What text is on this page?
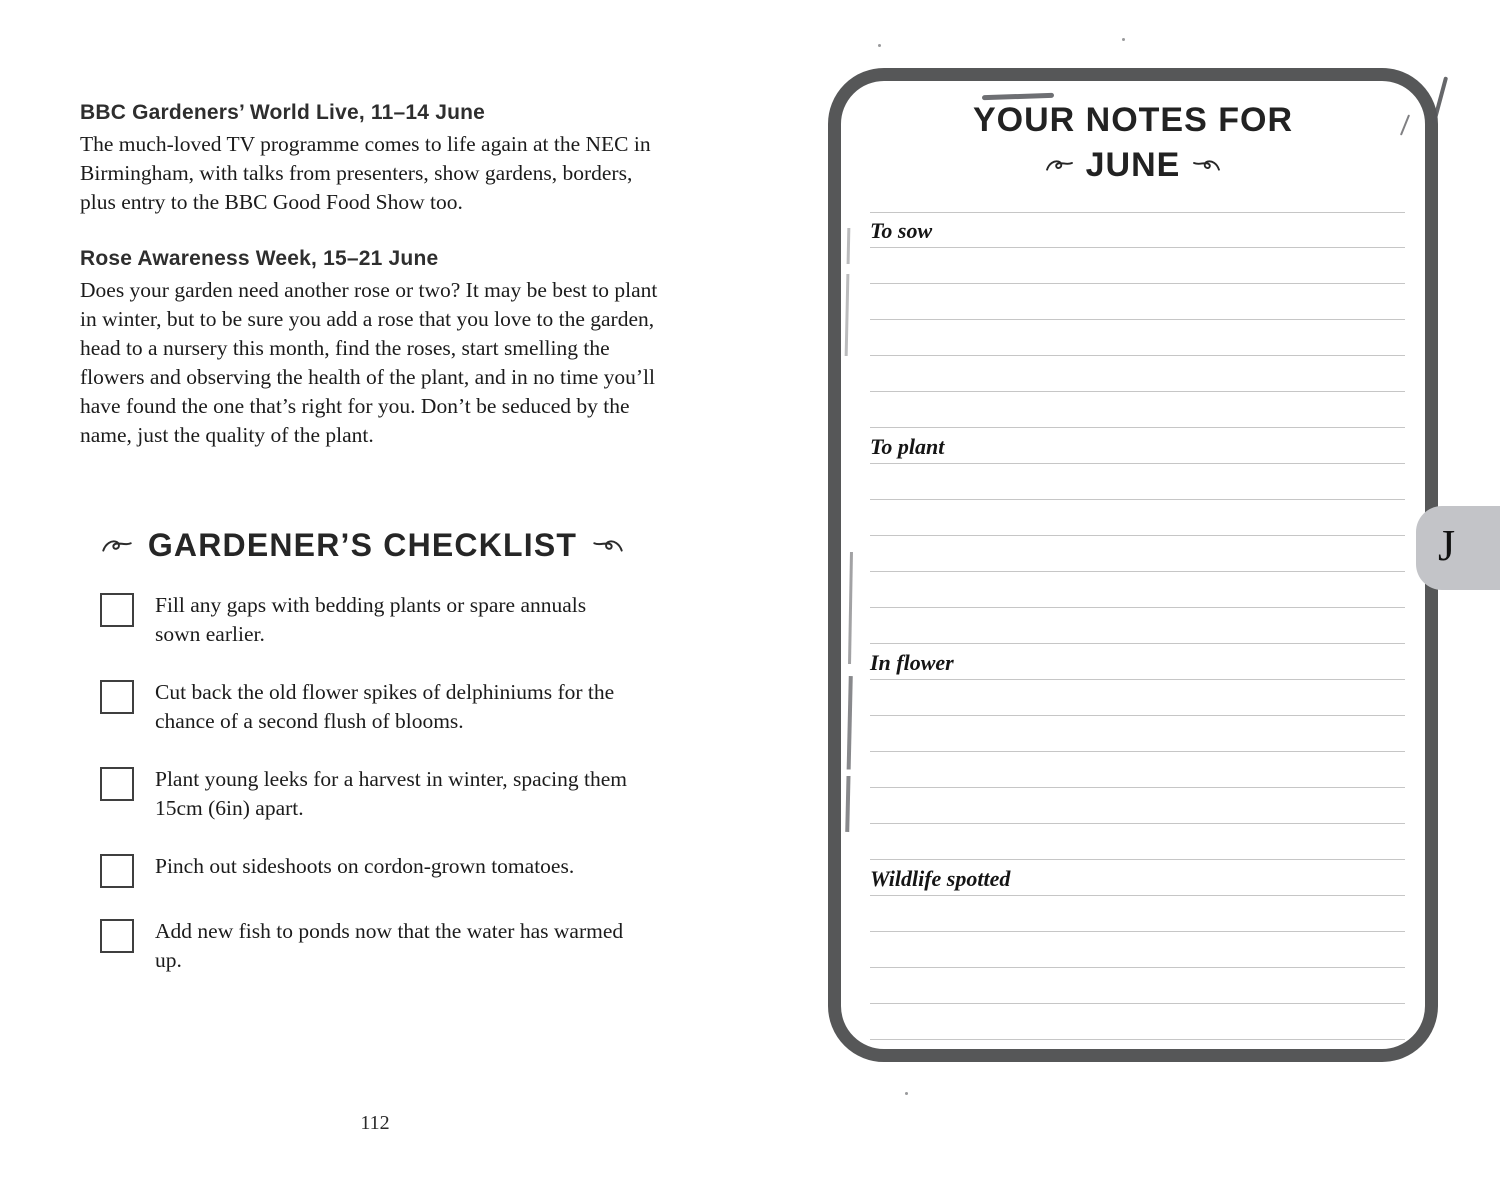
BBC Gardeners’ World Live, 11–14 June

The much-loved TV programme comes to life again at the NEC in Birmingham, with talks from presenters, show gardens, borders, plus entry to the BBC Good Food Show too.

Rose Awareness Week, 15–21 June

Does your garden need another rose or two? It may be best to plant in winter, but to be sure you add a rose that you love to the garden, head to a nursery this month, find the roses, start smelling the flowers and observing the health of the plant, and in no time you’ll have found the one that’s right for you. Don’t be seduced by the name, just the quality of the plant.

GARDENER’S CHECKLIST
Fill any gaps with bedding plants or spare annuals sown earlier.
Cut back the old flower spikes of delphiniums for the chance of a second flush of blooms.
Plant young leeks for a harvest in winter, spacing them 15cm (6in) apart.
Pinch out sideshoots on cordon-grown tomatoes.
Add new fish to ponds now that the water has warmed up.
112
YOUR NOTES FOR
JUNE
To sow
To plant
In flower
Wildlife spotted
J
